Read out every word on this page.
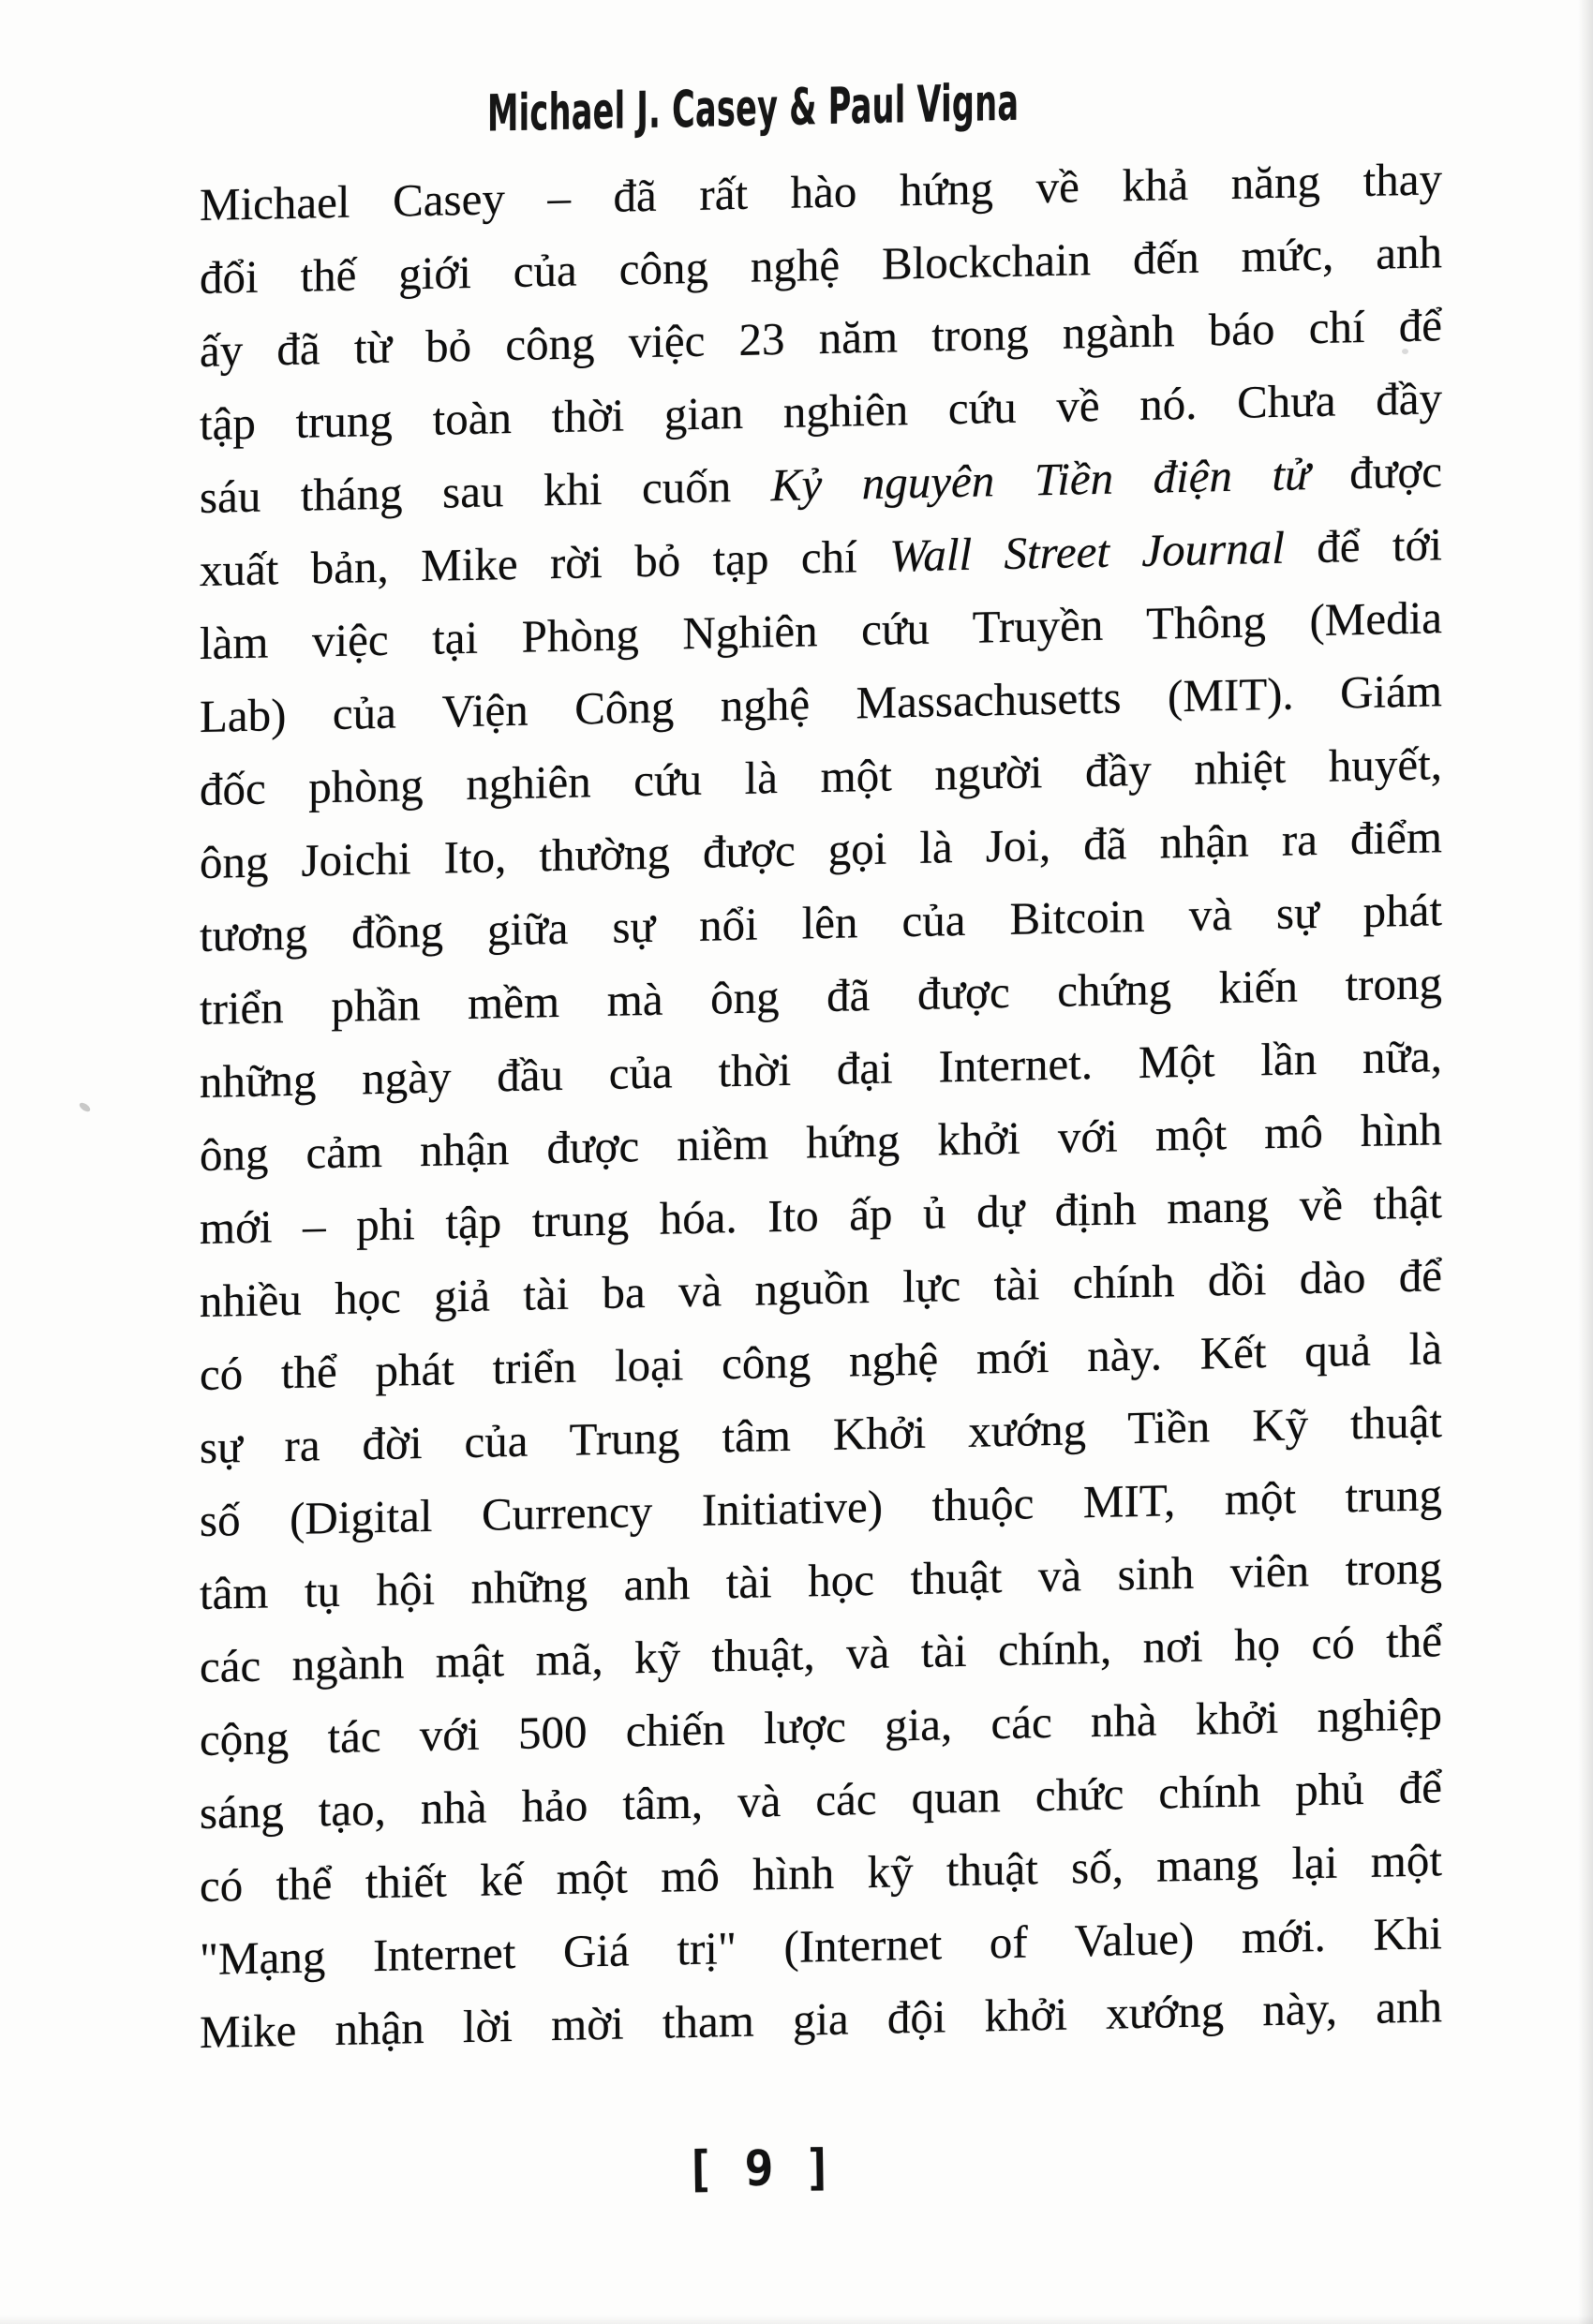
Michael J. Casey & Paul Vigna
Michael Casey – đã rất hào hứng về khả năng thay
đổi thế giới của công nghệ Blockchain đến mức, anh
ấy đã từ bỏ công việc 23 năm trong ngành báo chí để
tập trung toàn thời gian nghiên cứu về nó. Chưa đầy
sáu tháng sau khi cuốn Kỷ nguyên Tiền điện tử được
xuất bản, Mike rời bỏ tạp chí Wall Street Journal để tới
làm việc tại Phòng Nghiên cứu Truyền Thông (Media
Lab) của Viện Công nghệ Massachusetts (MIT). Giám
đốc phòng nghiên cứu là một người đầy nhiệt huyết,
ông Joichi Ito, thường được gọi là Joi, đã nhận ra điểm
tương đồng giữa sự nổi lên của Bitcoin và sự phát
triển phần mềm mà ông đã được chứng kiến trong
những ngày đầu của thời đại Internet. Một lần nữa,
ông cảm nhận được niềm hứng khởi với một mô hình
mới – phi tập trung hóa. Ito ấp ủ dự định mang về thật
nhiều học giả tài ba và nguồn lực tài chính dồi dào để
có thể phát triển loại công nghệ mới này. Kết quả là
sự ra đời của Trung tâm Khởi xướng Tiền Kỹ thuật
số (Digital Currency Initiative) thuộc MIT, một trung
tâm tụ hội những anh tài học thuật và sinh viên trong
các ngành mật mã, kỹ thuật, và tài chính, nơi họ có thể
cộng tác với 500 chiến lược gia, các nhà khởi nghiệp
sáng tạo, nhà hảo tâm, và các quan chức chính phủ để
có thể thiết kế một mô hình kỹ thuật số, mang lại một
"Mạng Internet Giá trị" (Internet of Value) mới. Khi
Mike nhận lời mời tham gia đội khởi xướng này, anh
[ 9 ]
